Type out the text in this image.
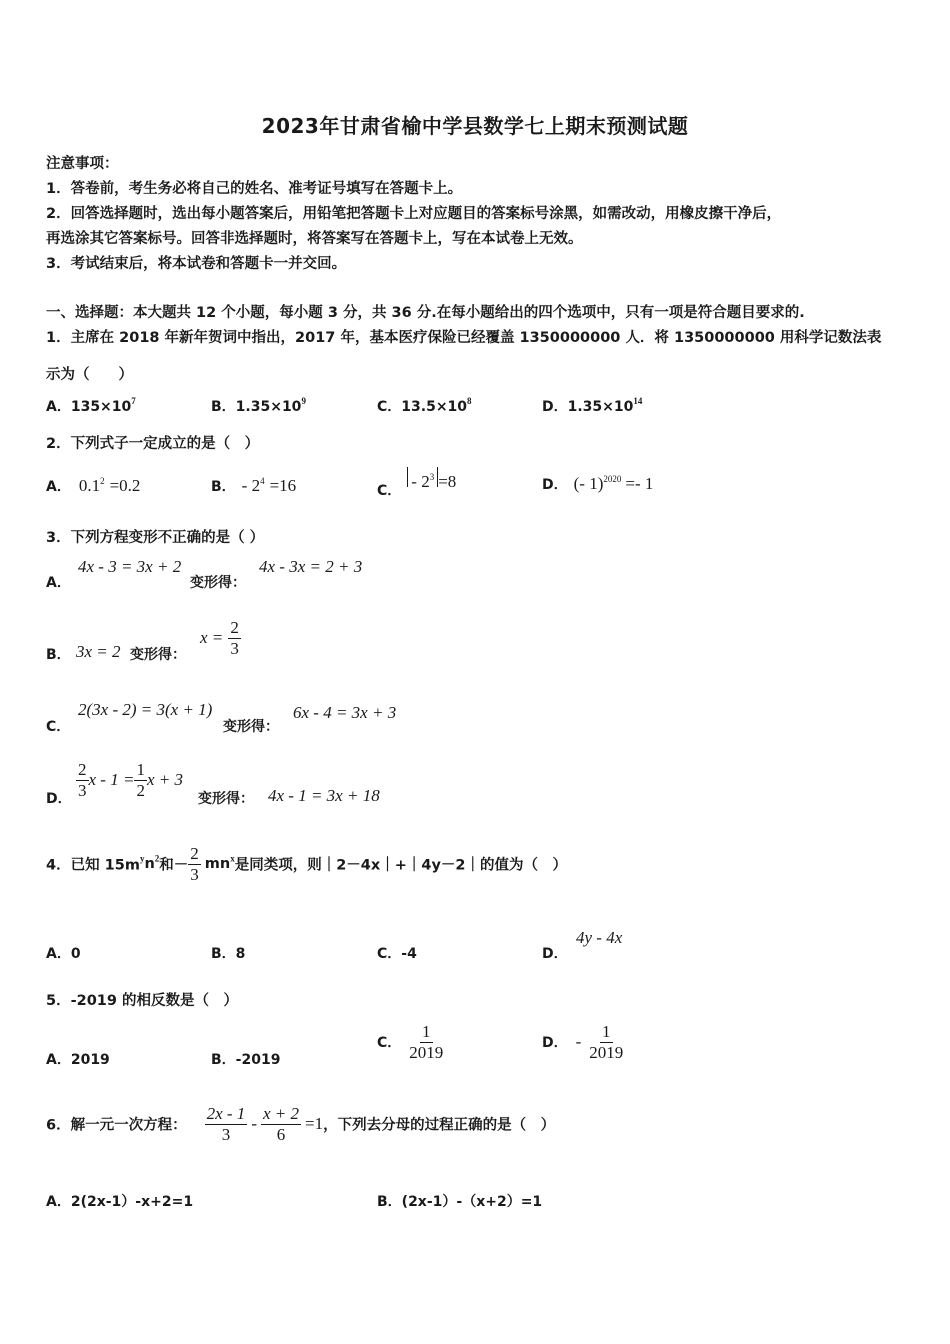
2023年甘肃省榆中学县数学七上期末预测试题
注意事项：
1．答卷前，考生务必将自己的姓名、准考证号填写在答题卡上。
2．回答选择题时，选出每小题答案后，用铅笔把答题卡上对应题目的答案标号涂黑，如需改动，用橡皮擦干净后，
再选涂其它答案标号。回答非选择题时，将答案写在答题卡上，写在本试卷上无效。
3．考试结束后，将本试卷和答题卡一并交回。
一、选择题：本大题共 12 个小题，每小题 3 分，共 36 分.在每小题给出的四个选项中，只有一项是符合题目要求的.
1．主席在 2018 年新年贺词中指出，2017 年，基本医疗保险已经覆盖 1350000000 人．将 1350000000 用科学记数法表
示为（　　）
A．$135\times 10^7$	B．$1.35\times 10^9$	C．$13.5\times 10^8$	D．$1.35\times 10^{14}$
2．下列式子一定成立的是（　）
A． $0.1^2 =0.2$	B． - $2^4 =16$	C． - $2^3 =8$	D． (- 1)$^{2020}$ =- 1
3．下列方程变形不正确的是（ ）
A．
4x - 3 = 3x + 2
变形得：
4x - 3x = 2 + 3
B． 3x = 2 变形得：
$x = \frac{2}{3}$
C．
2(3x - 2) = 3(x + 1)
变形得：
6x - 4 = 3x + 3
D． $\frac{2}{3}$ $x - 1 = \frac{1}{2}$ x + 3
变形得： 4x - 1 = 3x + 18
4．已知 $15m^yn^2$和－ $\frac{2}{3} mn^x$是同类项，则｜2－4x｜+｜4y－2｜的值为（　）
A．0	B．8	C．-4	D．
4y - 4x
5．-2019 的相反数是（　）
A．2019	B．-2019
C． $\frac{1}{2019}$	D． - $\frac{1}{2019}$
6．解一元一次方程： $\frac{2x - 1}{3} - \frac{x + 2}{6} =1$，下列去分母的过程正确的是（　）
A．2(2x-1）-x+2=1	B．(2x-1）-（x+2）=1
